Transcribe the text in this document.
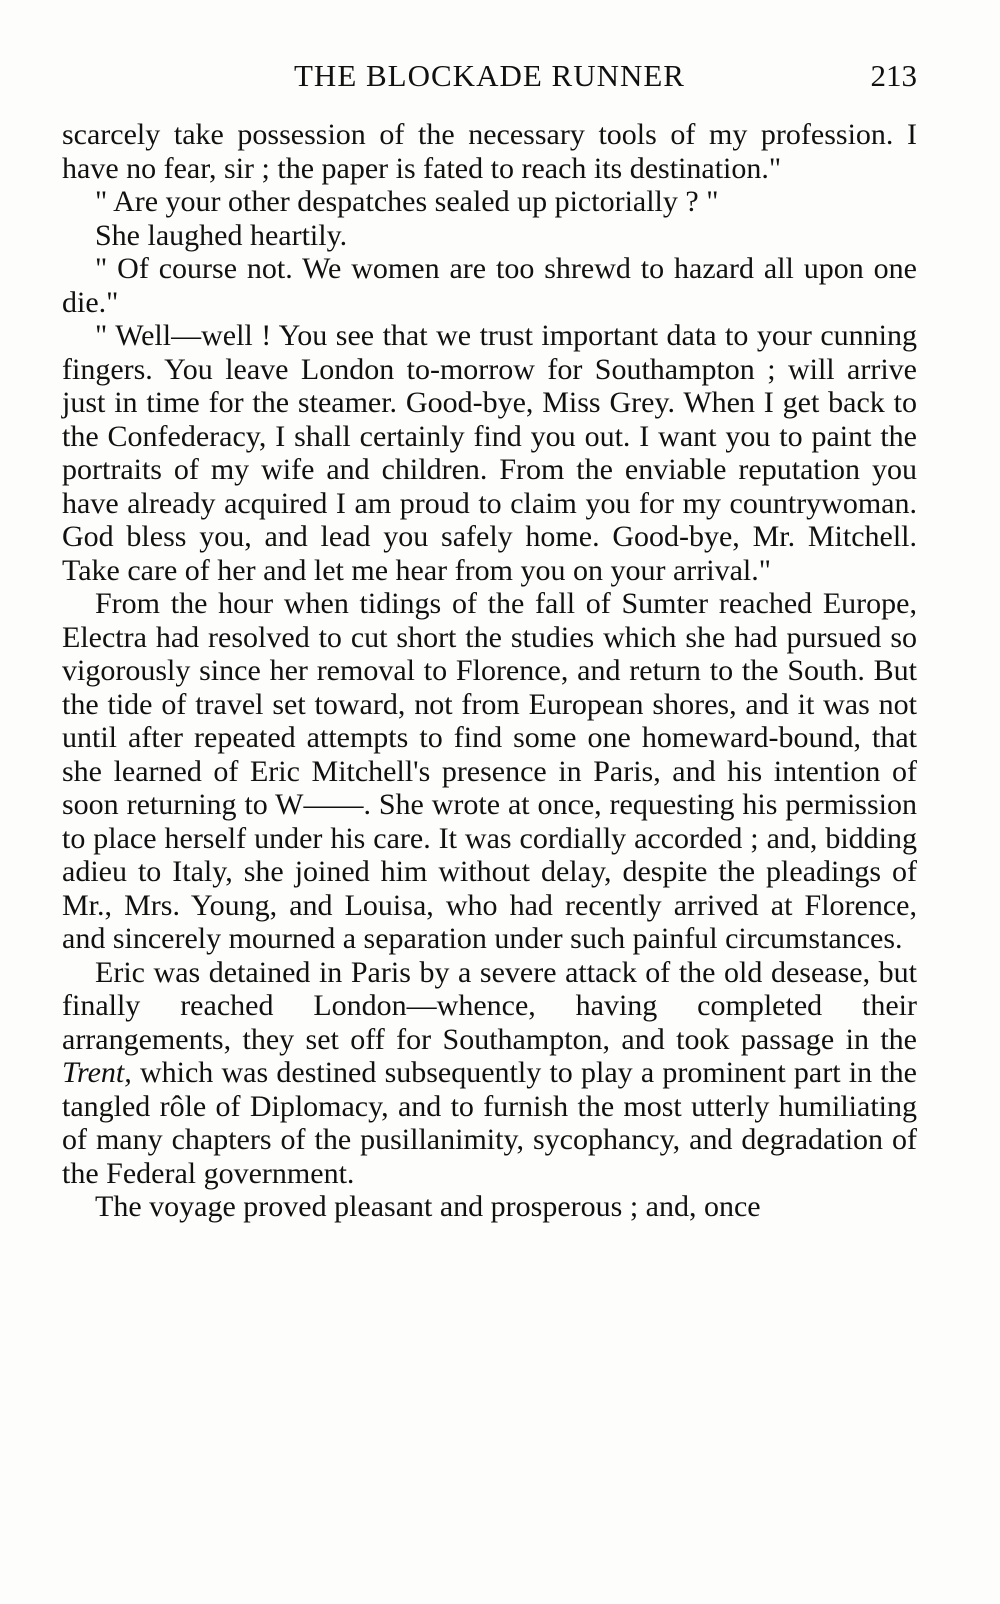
THE BLOCKADE RUNNER	213

scarcely take possession of the necessary tools of my profession. I have no fear, sir ; the paper is fated to reach its destination."

" Are your other despatches sealed up pictorially ? "

She laughed heartily.

" Of course not. We women are too shrewd to hazard all upon one die."

" Well—well ! You see that we trust important data to your cunning fingers. You leave London to-morrow for Southampton ; will arrive just in time for the steamer. Good-bye, Miss Grey. When I get back to the Confederacy, I shall certainly find you out. I want you to paint the portraits of my wife and children. From the enviable reputation you have already acquired I am proud to claim you for my countrywoman. God bless you, and lead you safely home. Good-bye, Mr. Mitchell. Take care of her and let me hear from you on your arrival."

From the hour when tidings of the fall of Sumter reached Europe, Electra had resolved to cut short the studies which she had pursued so vigorously since her removal to Florence, and return to the South. But the tide of travel set toward, not from European shores, and it was not until after repeated attempts to find some one homeward-bound, that she learned of Eric Mitchell's presence in Paris, and his intention of soon returning to W——. She wrote at once, requesting his permission to place herself under his care. It was cordially accorded ; and, bidding adieu to Italy, she joined him without delay, despite the pleadings of Mr., Mrs. Young, and Louisa, who had recently arrived at Florence, and sincerely mourned a separation under such painful circumstances.

Eric was detained in Paris by a severe attack of the old desease, but finally reached London—whence, having completed their arrangements, they set off for Southampton, and took passage in the Trent, which was destined subsequently to play a prominent part in the tangled rôle of Diplomacy, and to furnish the most utterly humiliating of many chapters of the pusillanimity, sycophancy, and degradation of the Federal government.

The voyage proved pleasant and prosperous ; and, once
